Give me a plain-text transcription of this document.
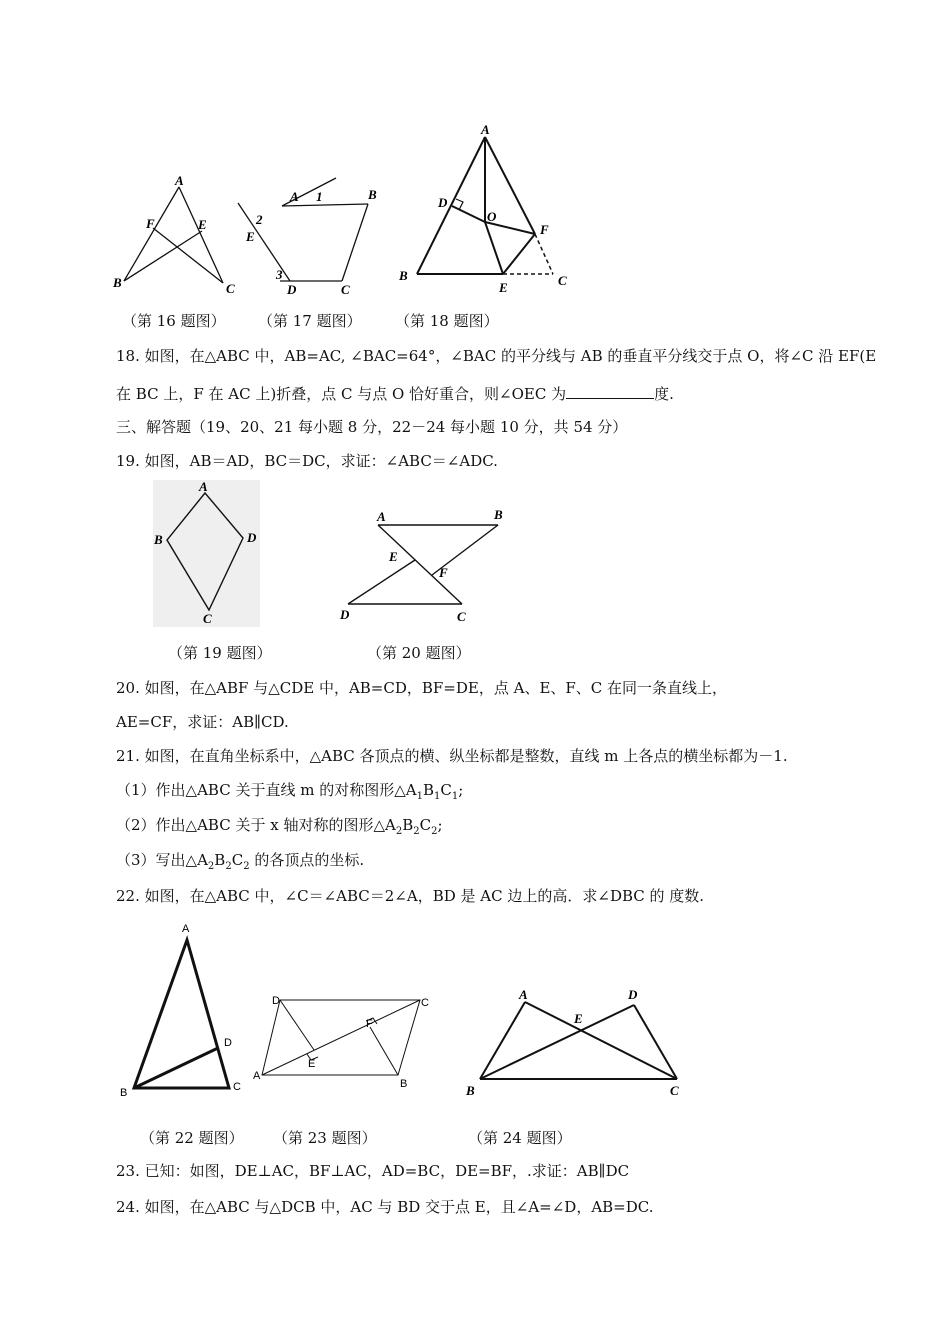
A
B	C
F	E
A	B
C
D
E
1
2
3
A
B	C
D
E
F
O
（第 16 题图） （第 17 题图） （第 18 题图）
18. 如图，在△ABC 中，AB=AC, ∠BAC=64°，∠BAC 的平分线与 AB 的垂直平分线交于点 O，将∠C 沿 EF(E
在 BC 上，F 在 AC 上)折叠，点 C 与点 O 恰好重合，则∠OEC 为	度.
三、解答题（19、20、21 每小题 8 分，22－24 每小题 10 分，共 54 分）
19. 如图，AB＝AD，BC＝DC，求证：∠ABC＝∠ADC.
A
B
C
D
A	B
C
D
E
F
（第 19 题图）	（第 20 题图）
20. 如图，在△ABF 与△CDE 中，AB=CD，BF=DE，点 A、E、F、C 在同一条直线上，
AE=CF，求证：AB∥CD.
21. 如图，在直角坐标系中，△ABC 各顶点的横、纵坐标都是整数，直线 m 上各点的横坐标都为－1.
（1）作出△ABC 关于直线 m 的对称图形$\triangle A_1B_1C_1$;
（2）作出△ABC 关于 x 轴对称的图形$\triangle A_2B_2C_2$;
（3）写出$\triangle A_2B_2C_2$ 的各顶点的坐标.
22. 如图，在△ABC 中，∠C＝∠ABC＝2∠A，BD 是 AC 边上的高．求∠DBC 的 度数.
A
B	C
D
D	C
A
B
E
F
A
B	C
D
E
（第 22 题图） （第 23 题图）	（第 24 题图）
23. 已知：如图，DE⊥AC，BF⊥AC，AD=BC，DE=BF，.求证：AB∥DC
24. 如图，在△ABC 与△DCB 中，AC 与 BD 交于点 E，且∠A=∠D，AB=DC.
